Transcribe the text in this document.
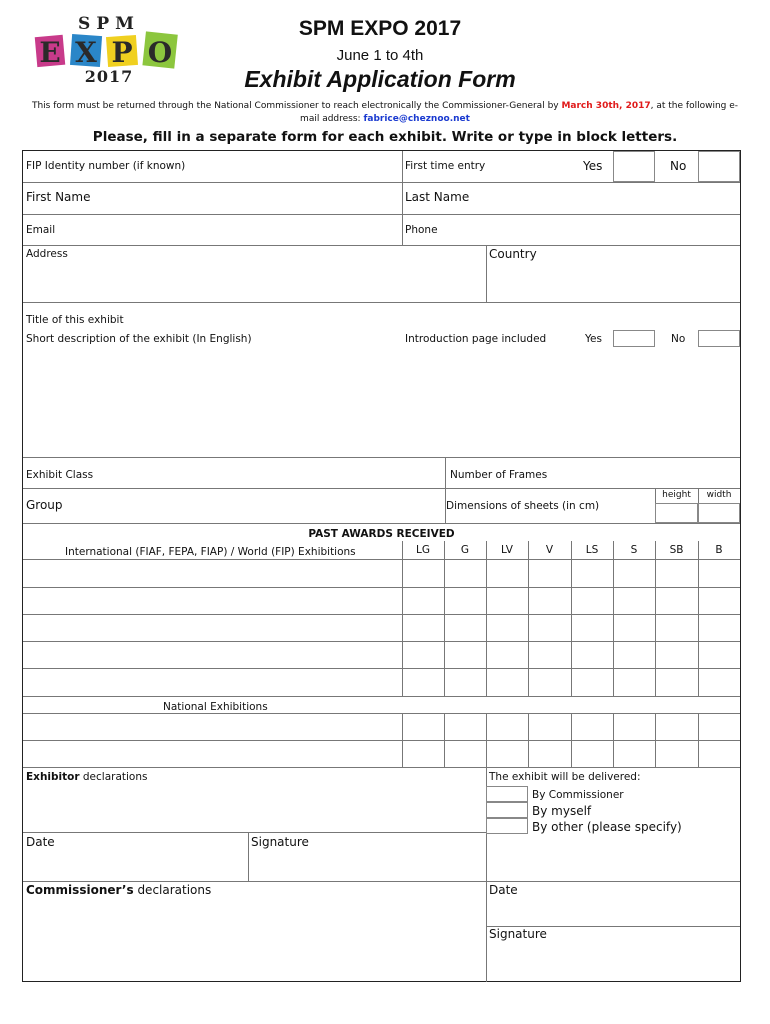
SPM
E X P O
2017
SPM EXPO 2017
June 1 to 4th
Exhibit Application Form
This form must be returned through the National Commissioner to reach electronically the Commissioner-General by March 30th, 2017, at the following e-mail address: fabrice@cheznoo.net
Please, fill in a separate form for each exhibit. Write or type in block letters.
FIP Identity number (if known)	First time entry	Yes	No
First Name	Last Name
Email	Phone
Address	Country
Title of this exhibit
Short description of the exhibit (In English)	Introduction page included	Yes	No
Exhibit Class	Number of Frames
Group	Dimensions of sheets (in cm)
height	width
PAST AWARDS RECEIVED
International (FIAF, FEPA, FIAP) / World (FIP) Exhibitions	LG	G	LV	V	LS	S	SB	B
National Exhibitions
Exhibitor declarations	The exhibit will be delivered:
By Commissioner
By myself
By other (please specify)
Date	Signature
Commissioner’s declarations	Date
Signature
